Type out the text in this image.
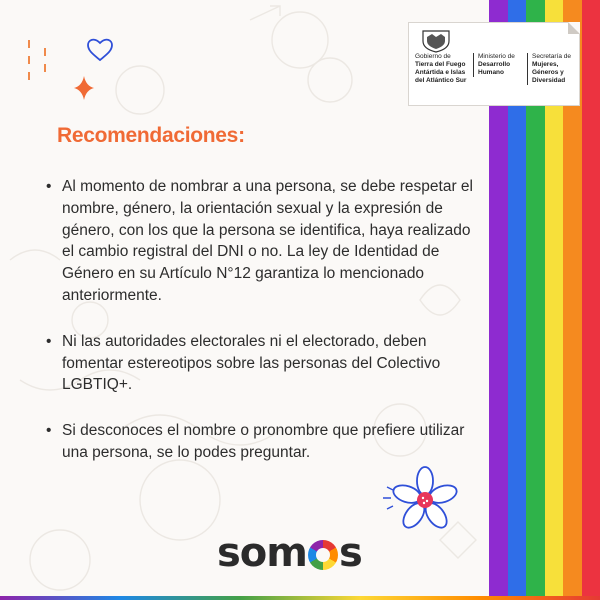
Gobierno de
Tierra del Fuego Antártida e Islas del Atlántico Sur
Ministerio de
Desarrollo Humano
Secretaría de
Mujeres, Géneros y Diversidad
Recomendaciones:
• Al momento de nombrar a una persona, se debe respetar el nombre, género, la orientación sexual y la expresión de género, con los que la persona se identifica, haya realizado el cambio registral del DNI o no. La ley de Identidad de Género en su Artículo N°12 garantiza lo mencionado anteriormente.
• Ni las autoridades electorales ni el electorado, deben fomentar estereotipos sobre las personas del Colectivo LGBTIQ+.
• Si desconoces el nombre o pronombre que prefiere utilizar una persona, se lo podes preguntar.
som s
